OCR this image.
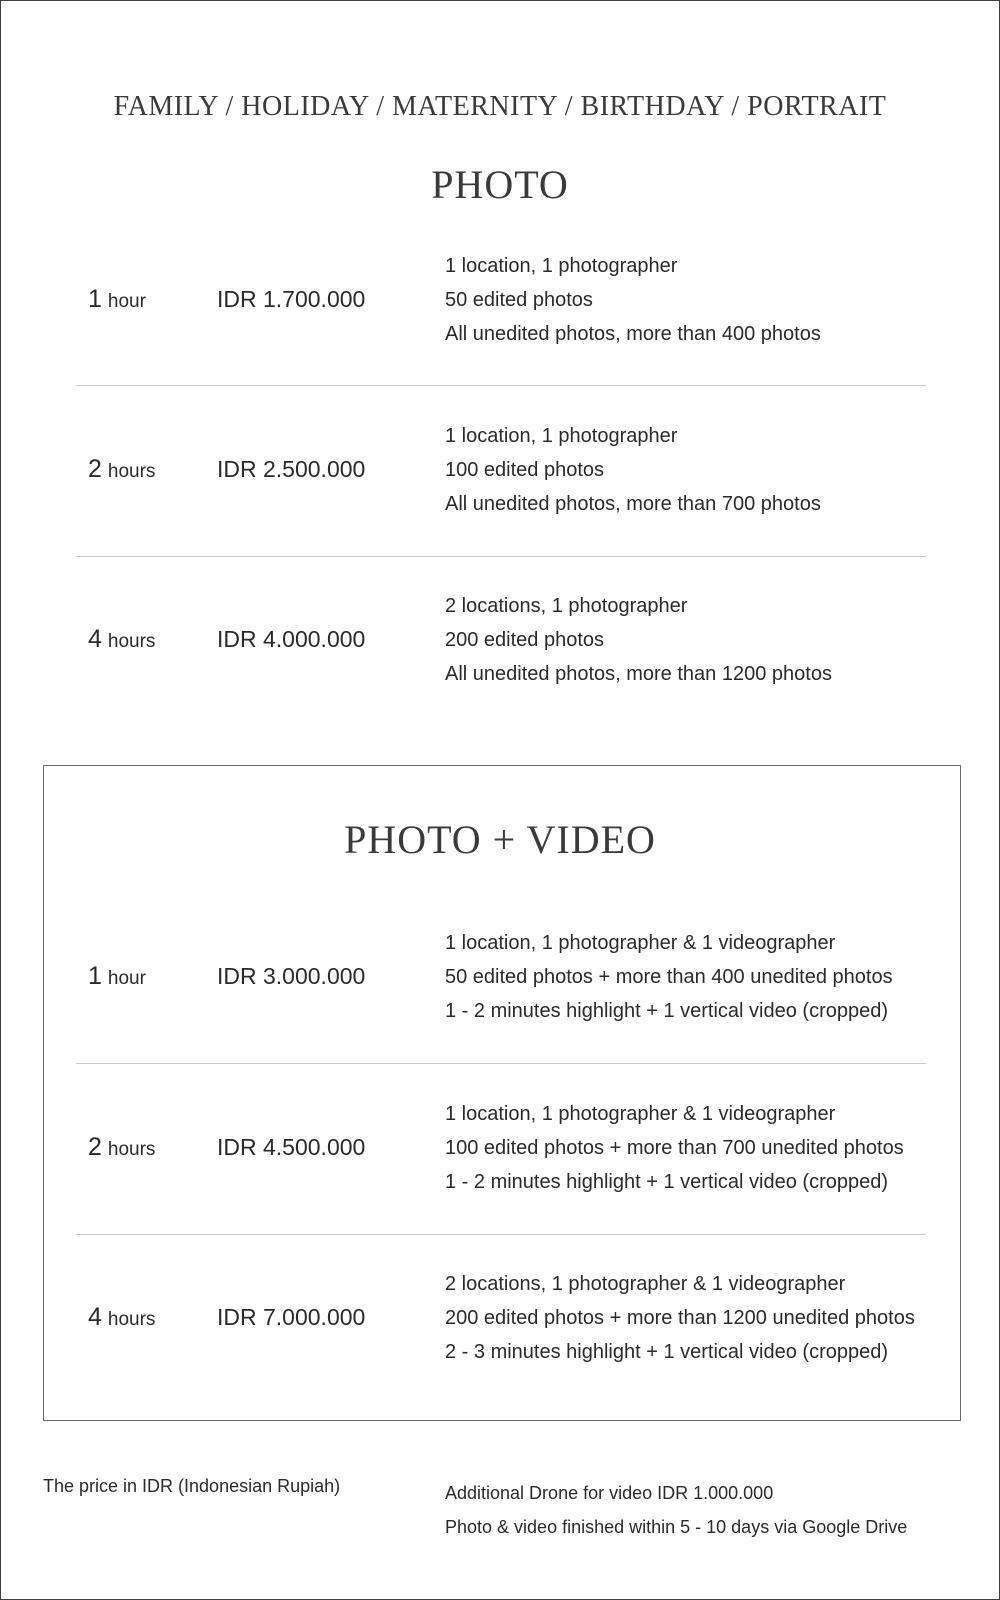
FAMILY / HOLIDAY / MATERNITY / BIRTHDAY / PORTRAIT
PHOTO
1 hour	IDR 1.700.000
1 location, 1 photographer
50 edited photos
All unedited photos, more than 400 photos
2 hours	IDR 2.500.000
1 location, 1 photographer
100 edited photos
All unedited photos, more than 700 photos
4 hours	IDR 4.000.000
2 locations, 1 photographer
200 edited photos
All unedited photos, more than 1200 photos
PHOTO + VIDEO
1 hour	IDR 3.000.000
1 location, 1 photographer & 1 videographer
50 edited photos + more than 400 unedited photos
1 - 2 minutes highlight + 1 vertical video (cropped)
2 hours	IDR 4.500.000
1 location, 1 photographer & 1 videographer
100 edited photos + more than 700 unedited photos
1 - 2 minutes highlight + 1 vertical video (cropped)
4 hours	IDR 7.000.000
2 locations, 1 photographer & 1 videographer
200 edited photos + more than 1200 unedited photos
2 - 3 minutes highlight + 1 vertical video (cropped)
The price in IDR (Indonesian Rupiah)	Additional Drone for video IDR 1.000.000
Photo & video finished within 5 - 10 days via Google Drive
